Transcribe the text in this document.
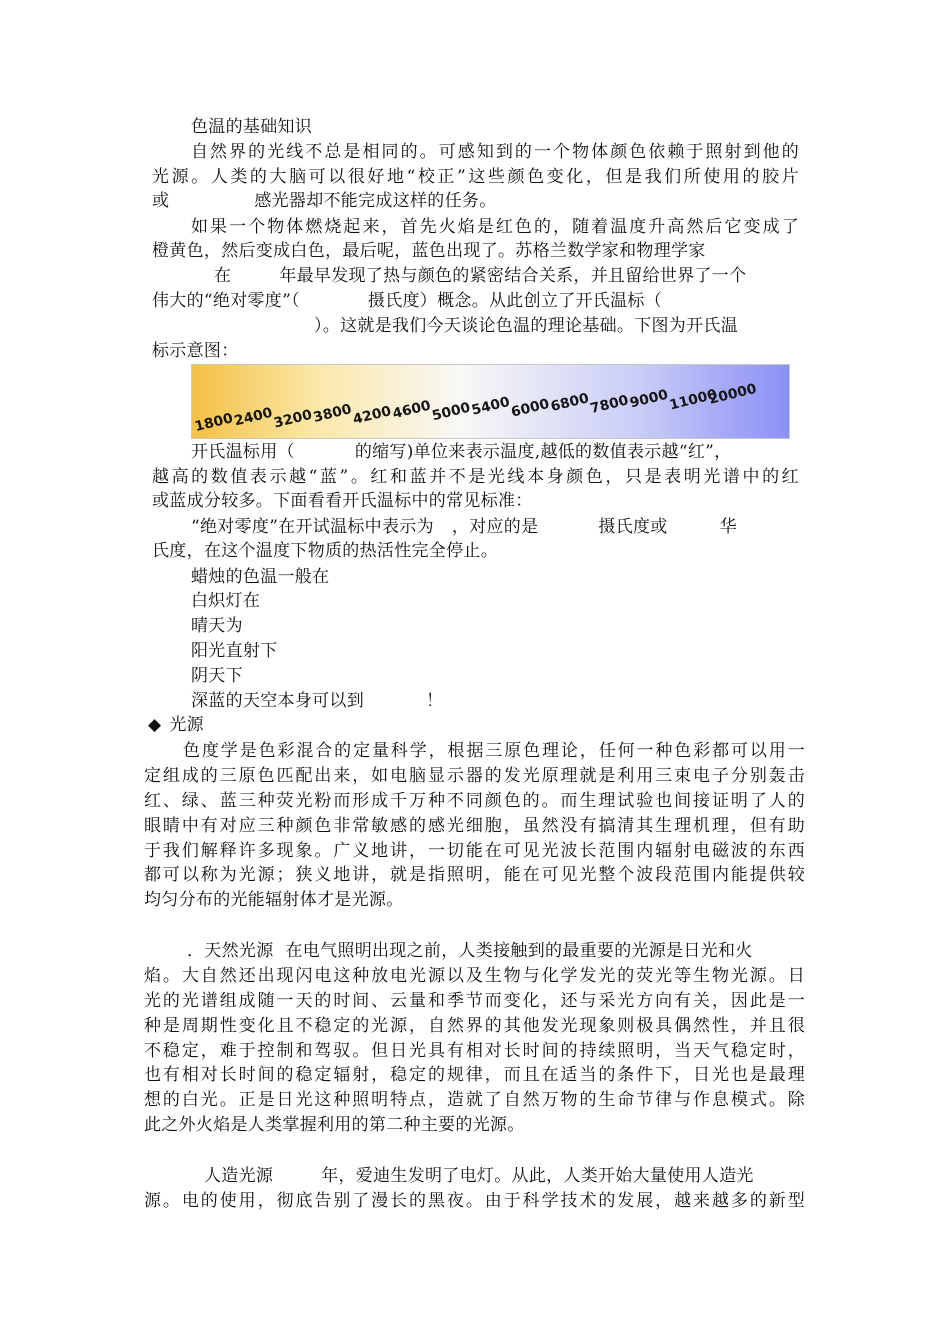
色温的基础知识
自然界的光线不总是相同的。可感知到的一个物体颜色依赖于照射到他的
光源。人类的大脑可以很好地“校正”这些颜色变化，但是我们所使用的胶片
或	感光器却不能完成这样的任务。
如果一个物体燃烧起来，首先火焰是红色的，随着温度升高然后它变成了
橙黄色，然后变成白色，最后呢，蓝色出现了。苏格兰数学家和物理学家
在	年最早发现了热与颜色的紧密结合关系，并且留给世界了一个
伟大的“绝对零度”（	摄氏度）概念。从此创立了开氏温标（
）。这就是我们今天谈论色温的理论基础。下图为开氏温
标示意图：
1800
2400
3200
3800
4200
4600
5000
5400
6000
6800
7800
9000
11000
20000
开氏温标用（	的缩写)单位来表示温度,越低的数值表示越“红”，
越高的数值表示越“蓝”。红和蓝并不是光线本身颜色，只是表明光谱中的红
或蓝成分较多。下面看看开氏温标中的常见标准：
“绝对零度”在开试温标中表示为 ，对应的是	摄氏度或	华
氏度，在这个温度下物质的热活性完全停止。
蜡烛的色温一般在
白炽灯在
晴天为
阳光直射下
阴天下
深蓝的天空本身可以到	！
◆ 光源
色度学是色彩混合的定量科学，根据三原色理论，任何一种色彩都可以用一
定组成的三原色匹配出来，如电脑显示器的发光原理就是利用三束电子分别轰击
红、绿、蓝三种荧光粉而形成千万种不同颜色的。而生理试验也间接证明了人的
眼睛中有对应三种颜色非常敏感的感光细胞，虽然没有搞清其生理机理，但有助
于我们解释许多现象。广义地讲，一切能在可见光波长范围内辐射电磁波的东西
都可以称为光源；狭义地讲，就是指照明，能在可见光整个波段范围内能提供较
均匀分布的光能辐射体才是光源。
．天然光源 在电气照明出现之前，人类接触到的最重要的光源是日光和火
焰。大自然还出现闪电这种放电光源以及生物与化学发光的荧光等生物光源。日
光的光谱组成随一天的时间、云量和季节而变化，还与采光方向有关，因此是一
种是周期性变化且不稳定的光源，自然界的其他发光现象则极具偶然性，并且很
不稳定，难于控制和驾驭。但日光具有相对长时间的持续照明，当天气稳定时，
也有相对长时间的稳定辐射，稳定的规律，而且在适当的条件下，日光也是最理
想的白光。正是日光这种照明特点，造就了自然万物的生命节律与作息模式。除
此之外火焰是人类掌握利用的第二种主要的光源。
人造光源	年，爱迪生发明了电灯。从此，人类开始大量使用人造光
源。电的使用，彻底告别了漫长的黑夜。由于科学技术的发展，越来越多的新型
